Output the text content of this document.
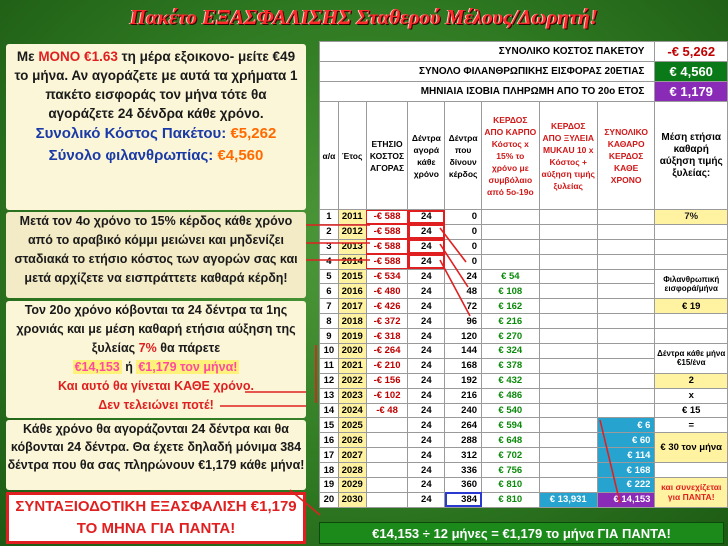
Πακέτο ΕΞΑΣΦΑΛΙΣΗΣ Σταθερού Μέλους/Δωρητή!
Με ΜΟΝΟ €1.63 τη μέρα εξοικονο- μείτε €49 το μήνα. Αν αγοράζετε με αυτά τα χρήματα 1 πακέτο εισφοράς τον μήνα τότε θα αγοράζετε 24 δένδρα κάθε χρόνο.
Συνολικό Κόστος Πακέτου: €5,262
Σύνολο φιλανθρωπίας: €4,560
Μετά τον 4ο χρόνο το 15% κέρδος κάθε χρόνο από το αραβικό κόμμι μειώνει και μηδενίζει σταδιακά το ετήσιο κόστος των αγορών σας και μετά αρχίζετε να εισπράττετε καθαρά κέρδη!
Τον 20ο χρόνο κόβονται τα 24 δέντρα τα 1ης χρονιάς και με μέση καθαρή ετήσια αύξηση της ξυλείας 7% θα πάρετε
€14,153 ή €1,179 τον μήνα!
Και αυτό θα γίνεται ΚΑΘΕ χρόνο.
Δεν τελειώνει ποτέ!
Κάθε χρόνο θα αγοράζονται 24 δέντρα και θα κόβονται 24 δέντρα. Θα έχετε δηλαδή μόνιμα 384 δέντρα που θα σας πληρώνουν €1,179 κάθε μήνα!
ΣΥΝΤΑΞΙΟΔΟΤΙΚΗ ΕΞΑΣΦΑΛΙΣΗ €1,179 ΤΟ ΜΗΝΑ ΓΙΑ ΠΑΝΤΑ!
ΣΥΝΟΛΙΚΟ ΚΟΣΤΟΣ ΠΑΚΕΤΟΥ								-€ 5,262
ΣΥΝΟΛΟ ΦΙΛΑΝΘΡΩΠΙΚΗΣ ΕΙΣΦΟΡΑΣ 20ΕΤΙΑΣ								€ 4,560
ΜΗΝΙΑΙΑ ΙΣΟΒΙΑ ΠΛΗΡΩΜΗ ΑΠΟ ΤΟ 20ο ΕΤΟΣ								€ 1,179
α/α	Έτος	ΕΤΗΣΙΟ ΚΟΣΤΟΣ ΑΓΟΡΑΣ	Δέντρα αγορά κάθε χρόνο	Δέντρα που δίνουν κέρδος	ΚΕΡΔΟΣ ΑΠΟ ΚΑΡΠΟ Κόστος x 15% το χρόνο με συμβόλαιο από 5ο-19ο	ΚΕΡΔΟΣ ΑΠΟ ΞΥΛΕΙΑ MUKAU 10 x Κόστος + αύξηση τιμής ξυλείας	ΣΥΝΟΛΙΚΟ ΚΑΘΑΡΟ ΚΕΡΔΟΣ ΚΑΘΕ ΧΡΟΝΟ	Μέση ετήσια καθαρή αύξηση τιμής ξυλείας:
1	2011	-€ 588	24	0				7%
2	2012	-€ 588	24	0				
3	2013	-€ 588	24	0				
4	2014	-€ 588	24	0				
5	2015	-€ 534	24	24	€ 54			Φιλανθρωπική εισφορά/μήνα
6	2016	-€ 480	24	48	€ 108			
7	2017	-€ 426	24	72	€ 162			€ 19
8	2018	-€ 372	24	96	€ 216			
9	2019	-€ 318	24	120	€ 270			
10	2020	-€ 264	24	144	€ 324			Δέντρα κάθε μήνα €15/ένα
11	2021	-€ 210	24	168	€ 378			
12	2022	-€ 156	24	192	€ 432			2
13	2023	-€ 102	24	216	€ 486			x
14	2024	-€ 48	24	240	€ 540			€ 15
15	2025		24	264	€ 594		€ 6	=
16	2026		24	288	€ 648		€ 60	€ 30 τον μήνα
17	2027		24	312	€ 702		€ 114	
18	2028		24	336	€ 756		€ 168	
19	2029		24	360	€ 810		€ 222	και συνεχίζεται για ΠΑΝΤΑ!
20	2030		24	384	€ 810	€ 13,931	€ 14,153	
€14,153 ÷ 12 μήνες = €1,179 το μήνα ΓΙΑ ΠΑΝΤΑ!
